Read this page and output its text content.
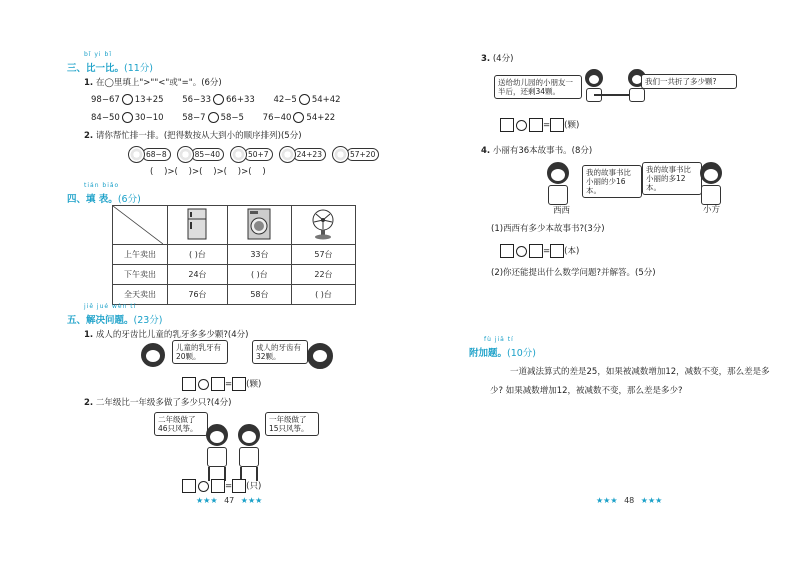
bǐ yi bǐ
三、比一比。(11分)
1. 在◯里填上">""<"或"="。(6分)
98−67 13+25 56−33 66+33 42−5 54+42
84−50 30−10 58−7 58−5 76−40 54+22
2. 请你帮忙排一排。(把得数按从大到小的顺序排列)(5分)
68−8	85−40	50+7	24+23	57+20
(    )>(    )>(    )>(    )>(    )
tián biǎo
四、填 表。(6分)

上午卖出	( )台	33台	57台
下午卖出	24台	( )台	22台
全天卖出	76台	58台	( )台
jiě jué wèn tí
五、解决问题。(23分)
1. 成人的牙齿比儿童的乳牙多多少颗?(4分)
儿童的乳牙有20颗。
成人的牙齿有32颗。
= (颗)
2. 二年级比一年级多做了多少只?(4分)
二年级做了46只风筝。
一年级做了15只风筝。
= (只)
★★★ 47 ★★★
3. (4分)
送给幼儿园的小朋友一半后，还剩34颗。
我们一共折了多少颗?
= (颗)
4. 小丽有36本故事书。(8分)
我的故事书比小丽的少16本。
我的故事书比小丽的多12本。
西西	小方
(1)西西有多少本故事书?(3分)
= (本)
(2)你还能提出什么数学问题?并解答。(5分)
fù jiā tí
附加题。(10分)
一道减法算式的差是25，如果被减数增加12，减数不变，那么差是多
少? 如果减数增加12，被减数不变，那么差是多少?
★★★ 48 ★★★
